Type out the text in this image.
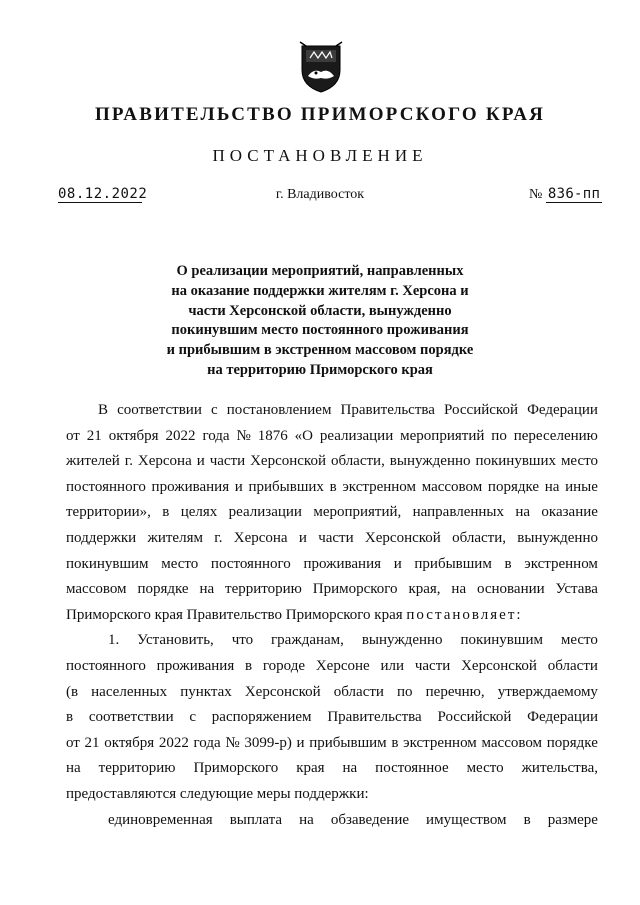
ПРАВИТЕЛЬСТВО ПРИМОРСКОГО КРАЯ
ПОСТАНОВЛЕНИЕ
08.12.2022	г. Владивосток	№ 836-пп
О реализации мероприятий, направленных
на оказание поддержки жителям г. Херсона и
части Херсонской области, вынужденно
покинувшим место постоянного проживания
и прибывшим в экстренном массовом порядке
на территорию Приморского края
В соответствии с постановлением Правительства Российской Федерации
от 21 октября 2022 года № 1876 «О реализации мероприятий по переселению
жителей г. Херсона и части Херсонской области, вынужденно покинувших место
постоянного проживания и прибывших в экстренном массовом порядке на иные
территории», в целях реализации мероприятий, направленных на оказание
поддержки жителям г. Херсона и части Херсонской области, вынужденно
покинувшим место постоянного проживания и прибывшим в экстренном
массовом порядке на территорию Приморского края, на основании Устава
Приморского края Правительство Приморского края постановляет:
1. Установить, что гражданам, вынужденно покинувшим место
постоянного проживания в городе Херсоне или части Херсонской области
(в населенных пунктах Херсонской области по перечню, утверждаемому
в соответствии с распоряжением Правительства Российской Федерации
от 21 октября 2022 года № 3099-р) и прибывшим в экстренном массовом порядке
на территорию Приморского края на постоянное место жительства,
предоставляются следующие меры поддержки:
единовременная выплата на обзаведение имуществом в размере
